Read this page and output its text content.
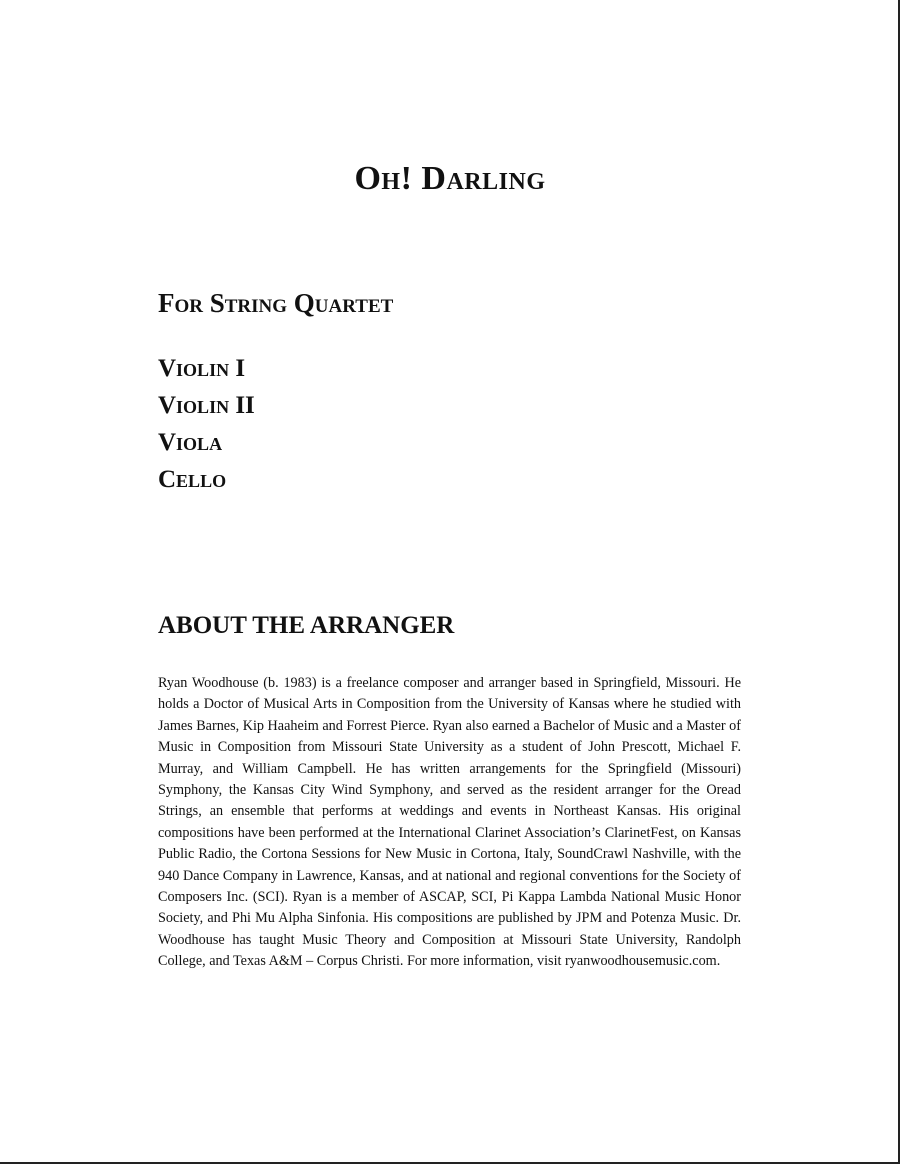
Oh! Darling
For String Quartet
Violin I
Violin II
Viola
Cello
ABOUT THE ARRANGER

Ryan Woodhouse (b. 1983) is a freelance composer and arranger based in Springfield, Missouri. He holds a Doctor of Musical Arts in Composition from the University of Kansas where he studied with James Barnes, Kip Haaheim and Forrest Pierce. Ryan also earned a Bachelor of Music and a Master of Music in Composition from Missouri State University as a student of John Prescott, Michael F. Murray, and William Campbell. He has written arrangements for the Springfield (Missouri) Symphony, the Kansas City Wind Symphony, and served as the resident arranger for the Oread Strings, an ensemble that performs at weddings and events in Northeast Kansas. His original compositions have been performed at the International Clarinet Association’s ClarinetFest, on Kansas Public Radio, the Cortona Sessions for New Music in Cortona, Italy, SoundCrawl Nashville, with the 940 Dance Company in Lawrence, Kansas, and at national and regional conventions for the Society of Composers Inc. (SCI). Ryan is a member of ASCAP, SCI, Pi Kappa Lambda National Music Honor Society, and Phi Mu Alpha Sinfonia. His compositions are published by JPM and Potenza Music. Dr. Woodhouse has taught Music Theory and Composition at Missouri State University, Randolph College, and Texas A&M – Corpus Christi. For more information, visit ryanwoodhousemusic.com.
